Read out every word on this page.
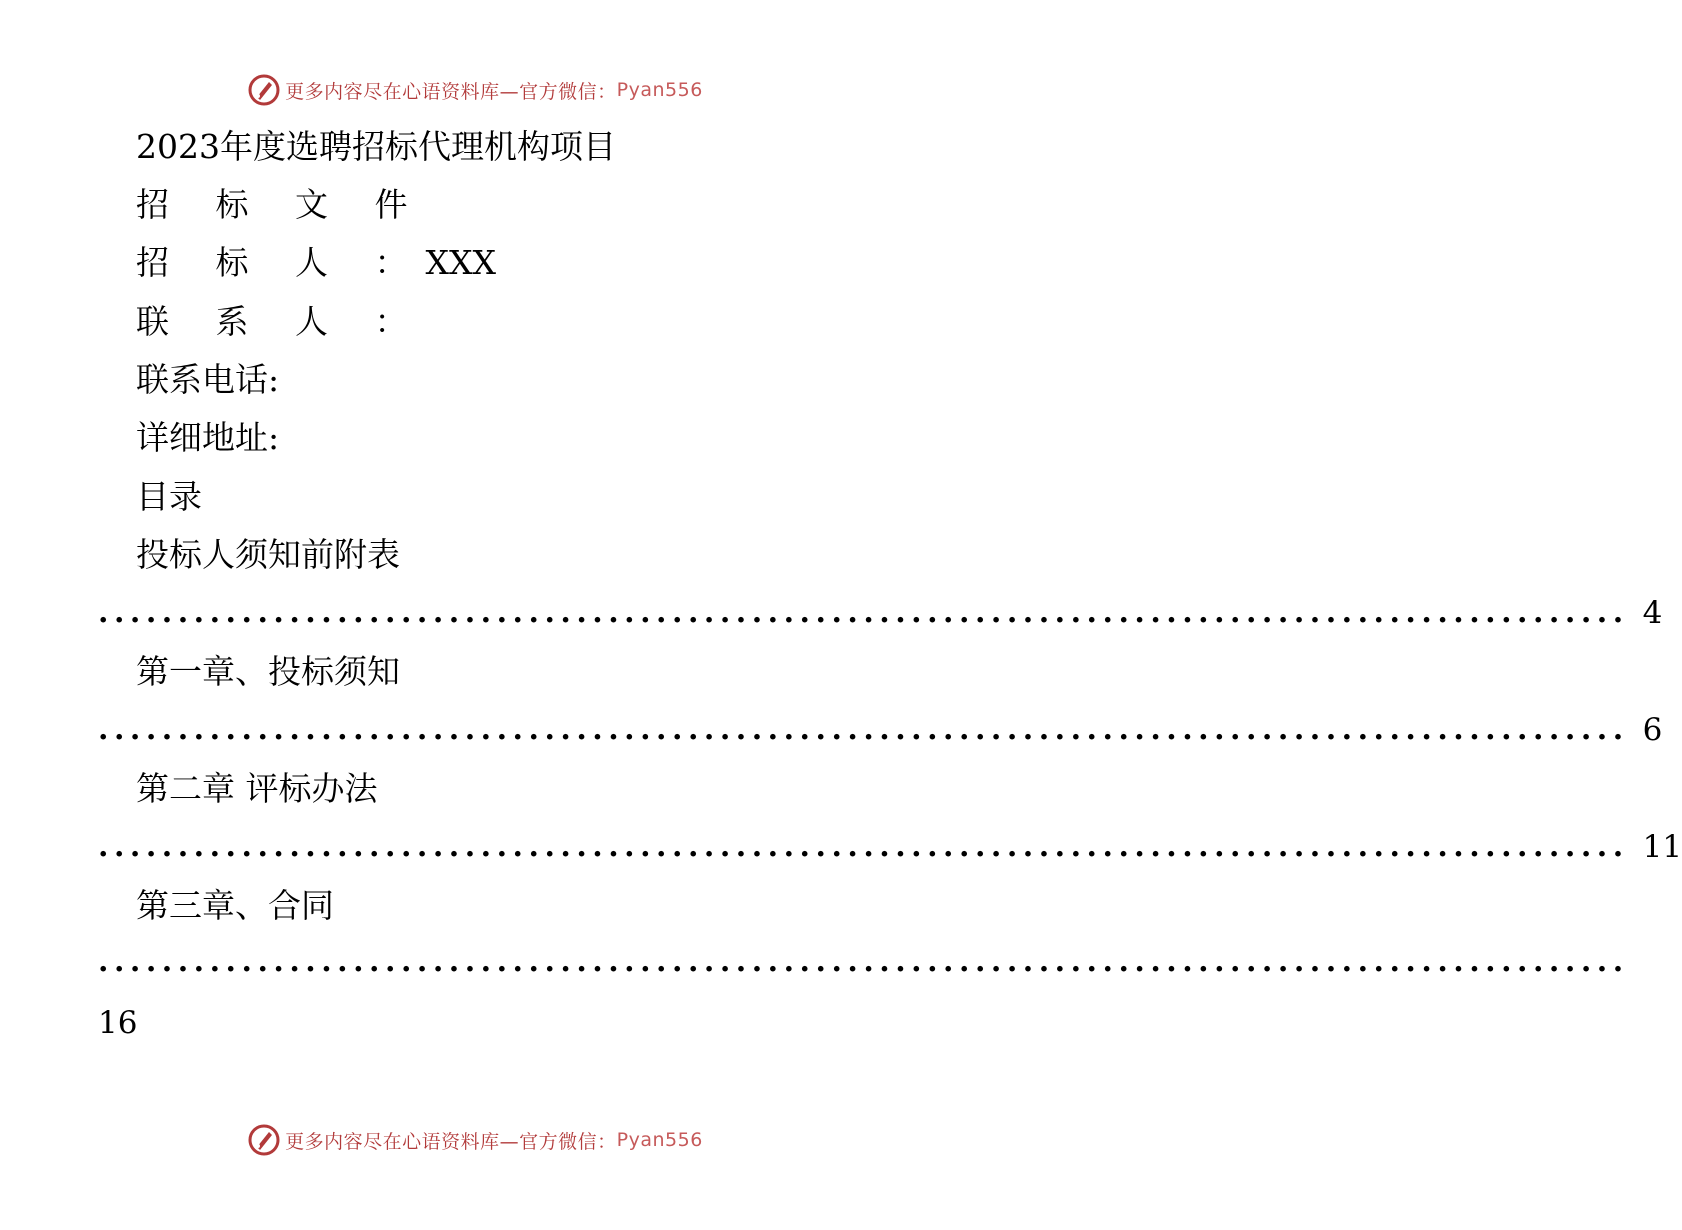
更多内容尽在心语资料库—官方微信： Pyan556
2023年度选聘招标代理机构项目
招 标 文 件
招 标 人 ：XXX
联 系 人 ：
联系电话:
详细地址:
目录
投标人须知前附表
................................................................................................ 4
第一章、投标须知
................................................................................................ 6
第二章 评标办法
................................................................................................ 11
第三章、合同
................................................................................................
16
更多内容尽在心语资料库—官方微信： Pyan556
